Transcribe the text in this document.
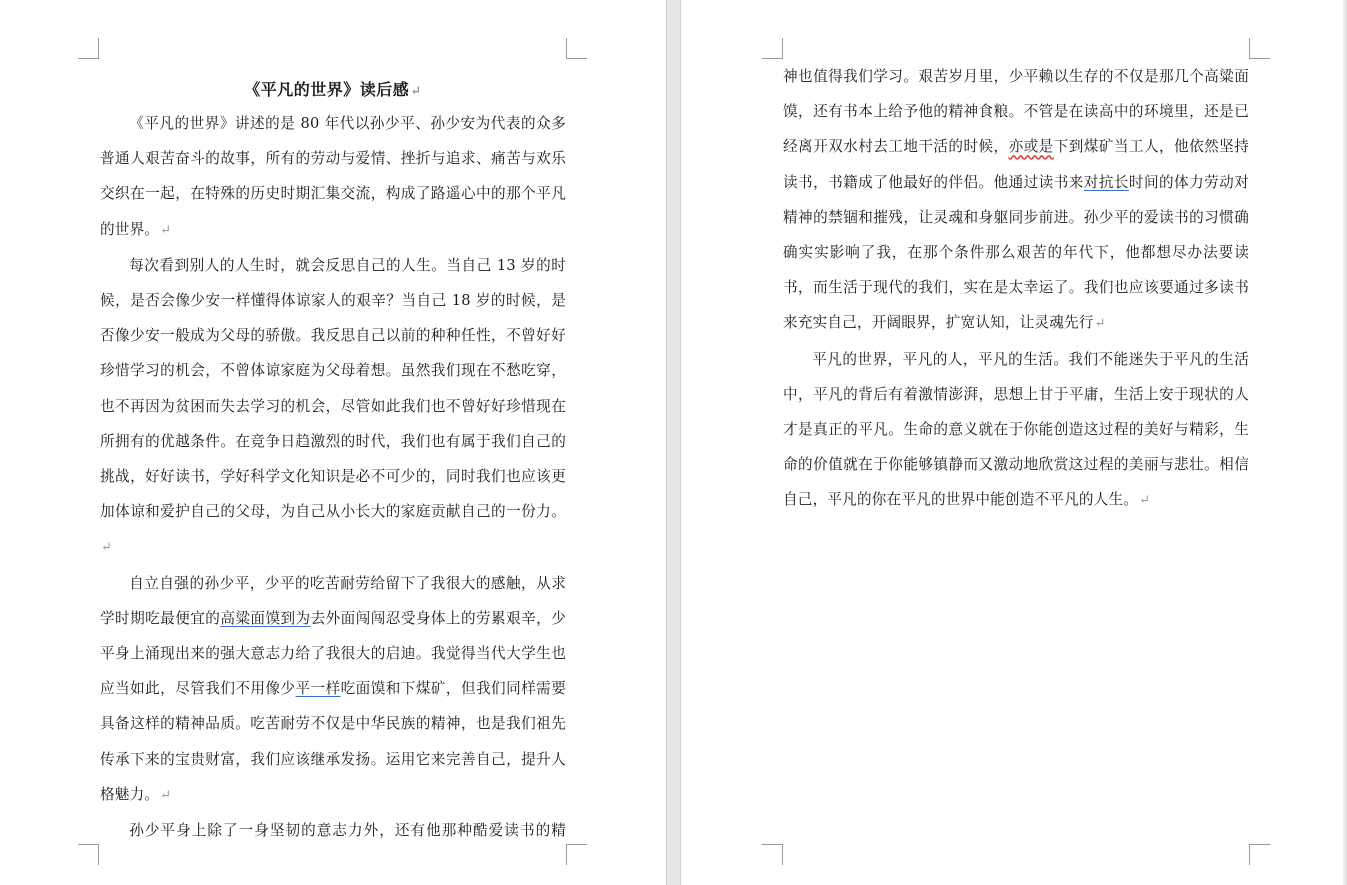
《平凡的世界》读后感↵

《平凡的世界》讲述的是 80 年代以孙少平、孙少安为代表的众多普通人艰苦奋斗的故事，所有的劳动与爱情、挫折与追求、痛苦与欢乐交织在一起，在特殊的历史时期汇集交流，构成了路遥心中的那个平凡的世界。↵

每次看到别人的人生时，就会反思自己的人生。当自己 13 岁的时候，是否会像少安一样懂得体谅家人的艰辛？当自己 18 岁的时候，是否像少安一般成为父母的骄傲。我反思自己以前的种种任性，不曾好好珍惜学习的机会，不曾体谅家庭为父母着想。虽然我们现在不愁吃穿，也不再因为贫困而失去学习的机会，尽管如此我们也不曾好好珍惜现在所拥有的优越条件。在竞争日趋激烈的时代，我们也有属于我们自己的挑战，好好读书，学好科学文化知识是必不可少的，同时我们也应该更加体谅和爱护自己的父母，为自己从小长大的家庭贡献自己的一份力。↵

自立自强的孙少平，少平的吃苦耐劳给留下了我很大的感触，从求学时期吃最便宜的高粱面馍到为去外面闯闯忍受身体上的劳累艰辛，少平身上涌现出来的强大意志力给了我很大的启迪。我觉得当代大学生也应当如此，尽管我们不用像少平一样吃面馍和下煤矿，但我们同样需要具备这样的精神品质。吃苦耐劳不仅是中华民族的精神，也是我们祖先传承下来的宝贵财富，我们应该继承发扬。运用它来完善自己，提升人格魅力。↵

孙少平身上除了一身坚韧的意志力外，还有他那种酷爱读书的精

神也值得我们学习。艰苦岁月里，少平赖以生存的不仅是那几个高粱面馍，还有书本上给予他的精神食粮。不管是在读高中的环境里，还是已经离开双水村去工地干活的时候，亦或是下到煤矿当工人，他依然坚持读书，书籍成了他最好的伴侣。他通过读书来对抗长时间的体力劳动对精神的禁锢和摧残，让灵魂和身躯同步前进。孙少平的爱读书的习惯确确实实影响了我，在那个条件那么艰苦的年代下，他都想尽办法要读书，而生活于现代的我们，实在是太幸运了。我们也应该要通过多读书来充实自己，开阔眼界，扩宽认知，让灵魂先行↵

平凡的世界，平凡的人，平凡的生活。我们不能迷失于平凡的生活中，平凡的背后有着激情澎湃，思想上甘于平庸，生活上安于现状的人才是真正的平凡。生命的意义就在于你能创造这过程的美好与精彩，生命的价值就在于你能够镇静而又激动地欣赏这过程的美丽与悲壮。相信自己，平凡的你在平凡的世界中能创造不平凡的人生。↵
